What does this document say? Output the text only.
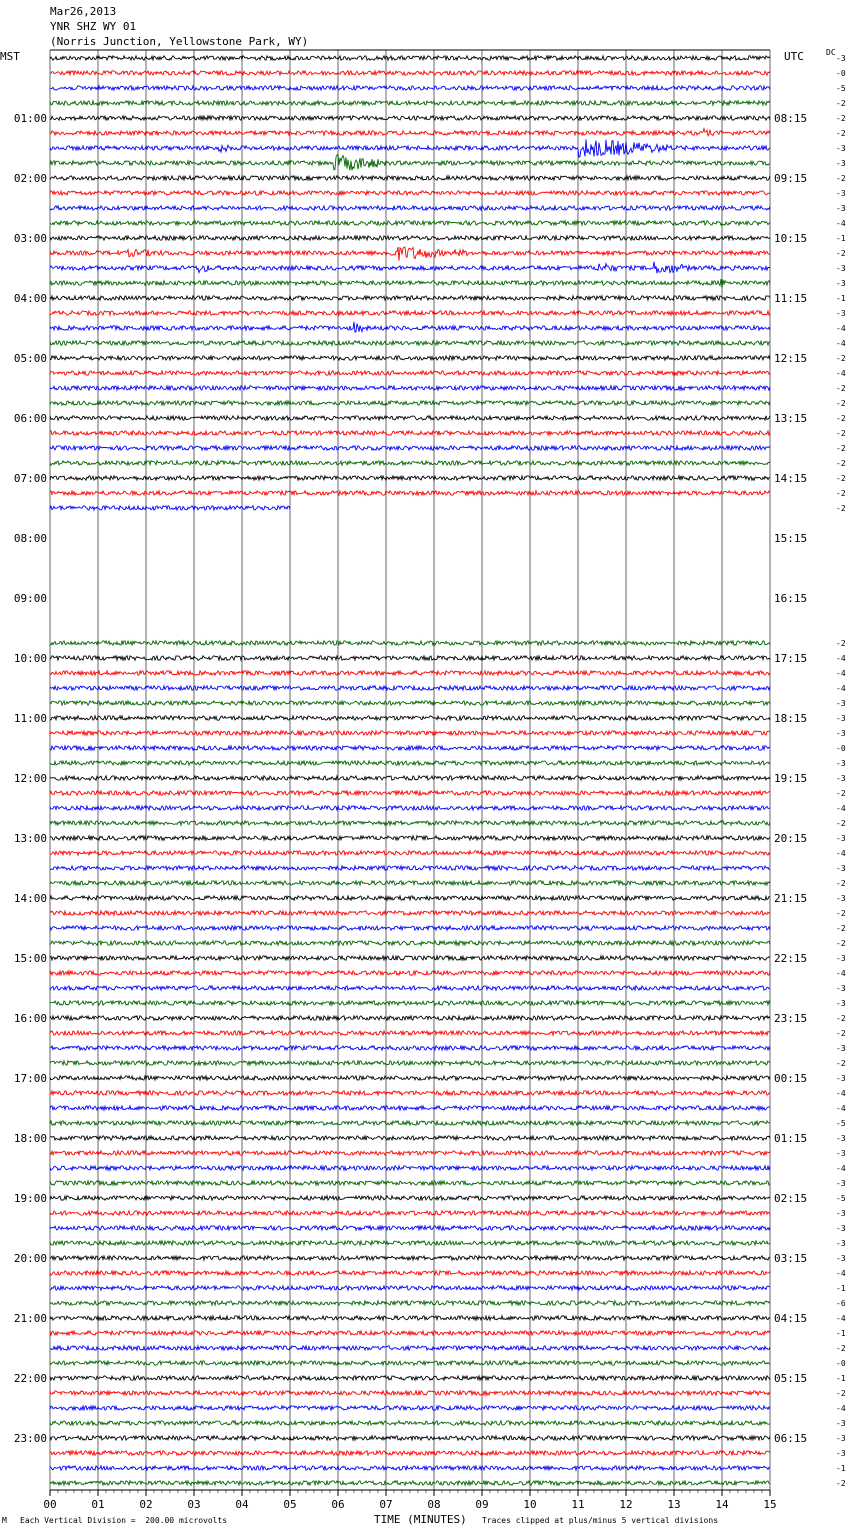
00	01	02	03	04	05	06	07	08	09	10	11	12	13	14	15
01:00	08:15
02:00	09:15
03:00	10:15
04:00	11:15
05:00	12:15
06:00	13:15
07:00	14:15
08:00	15:15
09:00	16:15
10:00	17:15
11:00	18:15
12:00	19:15
13:00	20:15
14:00	21:15
15:00	22:15
16:00	23:15
17:00	00:15
18:00	01:15
19:00	02:15
20:00	03:15
21:00	04:15
22:00	05:15
23:00	06:15
-3
-0
-5
-2
-2
-2
-3
-3
-2
-3
-3
-4
-1
-2
-3
-3
-1
-3
-4
-4
-2
-4
-2
-2
-2
-2
-2
-2
-2
-2
-2
-2
-4
-4
-4
-3
-3
-3
-0
-3
-3
-2
-4
-2
-3
-4
-3
-2
-3
-2
-2
-2
-3
-4
-3
-3
-2
-2
-3
-2
-3
-4
-4
-5
-3
-3
-4
-3
-5
-3
-3
-3
-3
-4
-1
-6
-4
-1
-2
-0
-1
-2
-4
-3
-3
-3
-1
-2
Mar26,2013
YNR SHZ WY 01
(Norris Junction, Yellowstone Park, WY)
MST	UTC	DC
M Each Vertical Division =  200.00 microvolts	TIME (MINUTES) Traces clipped at plus/minus 5 vertical divisions
